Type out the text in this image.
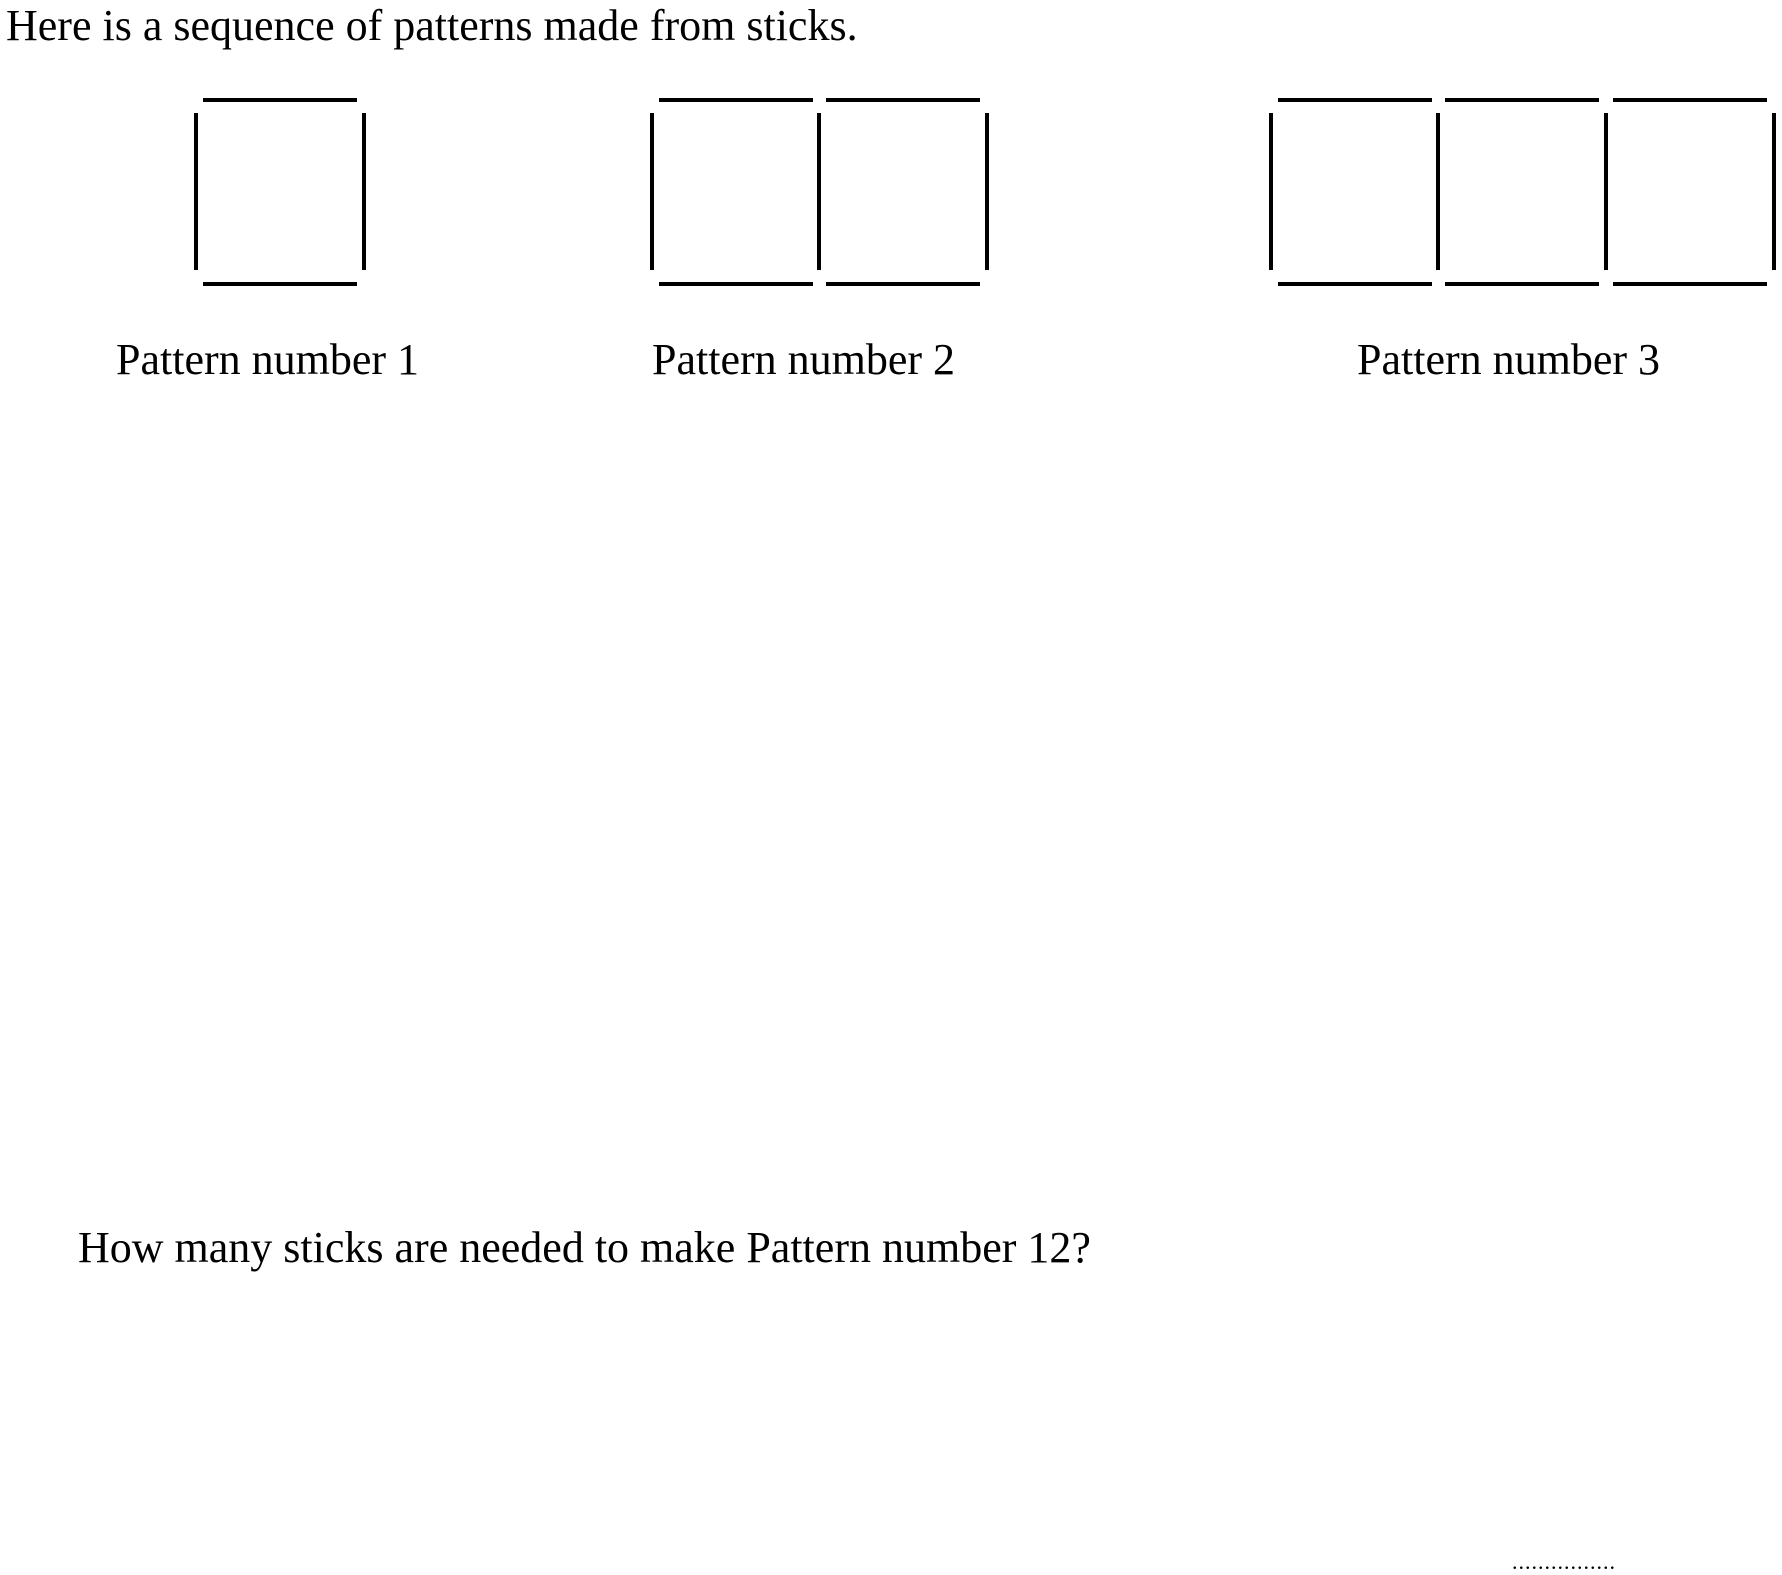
Here is a sequence of patterns made from sticks.
Pattern number 1	Pattern number 2	Pattern number 3
How many sticks are needed to make Pattern number 12?
................
